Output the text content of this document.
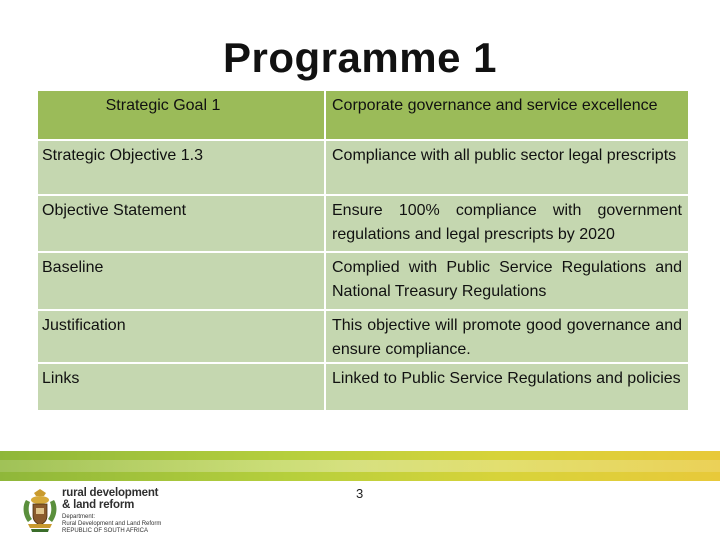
Programme 1
Strategic Goal 1	Corporate governance and service excellence
Strategic Objective 1.3	Compliance with all public sector legal prescripts
Objective Statement	Ensure 100% compliance with government regulations and legal prescripts by 2020
Baseline	Complied with Public Service Regulations and National Treasury Regulations
Justification	This objective will promote good governance and ensure compliance.
Links	Linked to Public Service Regulations and policies
rural development
& land reform
Department:
Rural Development and Land Reform
REPUBLIC OF SOUTH AFRICA
3
